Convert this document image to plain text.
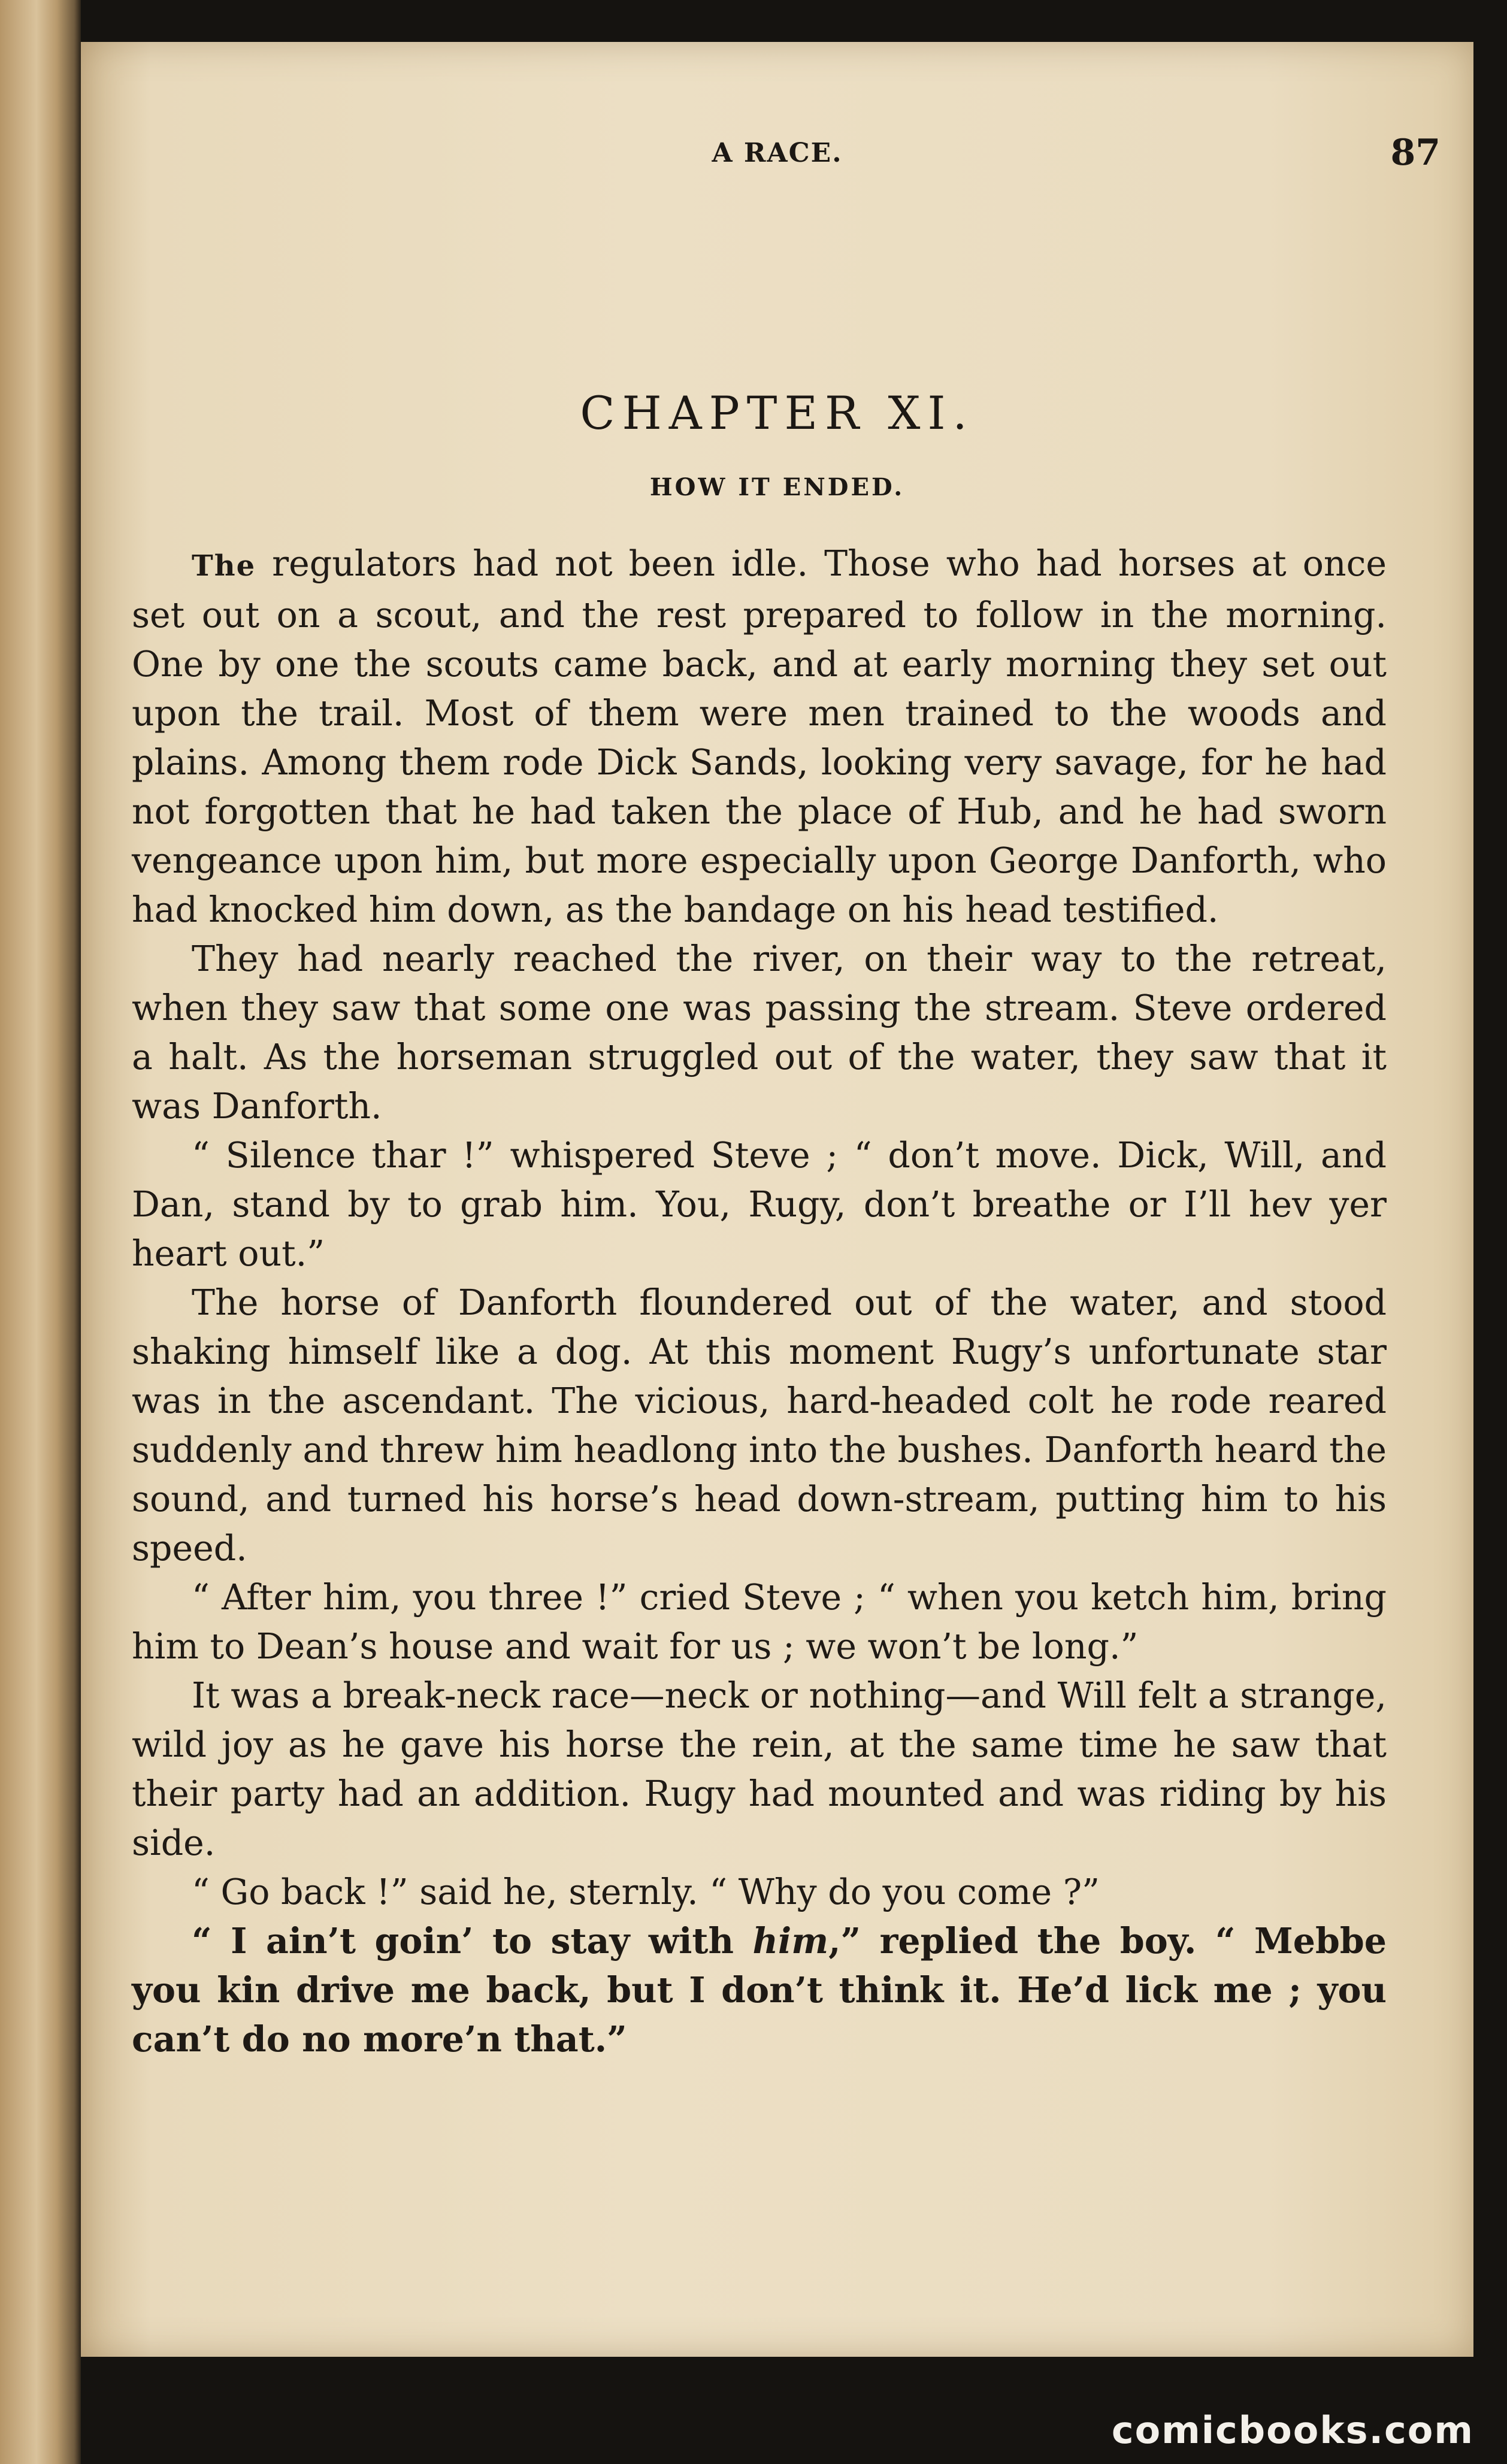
A RACE.	87
CHAPTER XI.
HOW IT ENDED.

The regulators had not been idle. Those who had horses at once set out on a scout, and the rest prepared to follow in the morning. One by one the scouts came back, and at early morning they set out upon the trail. Most of them were men trained to the woods and plains. Among them rode Dick Sands, looking very savage, for he had not forgotten that he had taken the place of Hub, and he had sworn vengeance upon him, but more especially upon George Danforth, who had knocked him down, as the bandage on his head testified.

They had nearly reached the river, on their way to the retreat, when they saw that some one was passing the stream. Steve ordered a halt. As the horseman struggled out of the water, they saw that it was Danforth.

“ Silence thar !” whispered Steve ; “ don’t move. Dick, Will, and Dan, stand by to grab him. You, Rugy, don’t breathe or I’ll hev yer heart out.”

The horse of Danforth floundered out of the water, and stood shaking himself like a dog. At this moment Rugy’s unfortunate star was in the ascendant. The vicious, hard-headed colt he rode reared suddenly and threw him headlong into the bushes. Danforth heard the sound, and turned his horse’s head down-stream, putting him to his speed.

“ After him, you three !” cried Steve ; “ when you ketch him, bring him to Dean’s house and wait for us ; we won’t be long.”

It was a break-neck race—neck or nothing—and Will felt a strange, wild joy as he gave his horse the rein, at the same time he saw that their party had an addition. Rugy had mounted and was riding by his side.

“ Go back !” said he, sternly. “ Why do you come ?”

“ I ain’t goin’ to stay with him,” replied the boy. “ Mebbe you kin drive me back, but I don’t think it. He’d lick me ; you can’t do no more’n that.”

comicbooks.com
